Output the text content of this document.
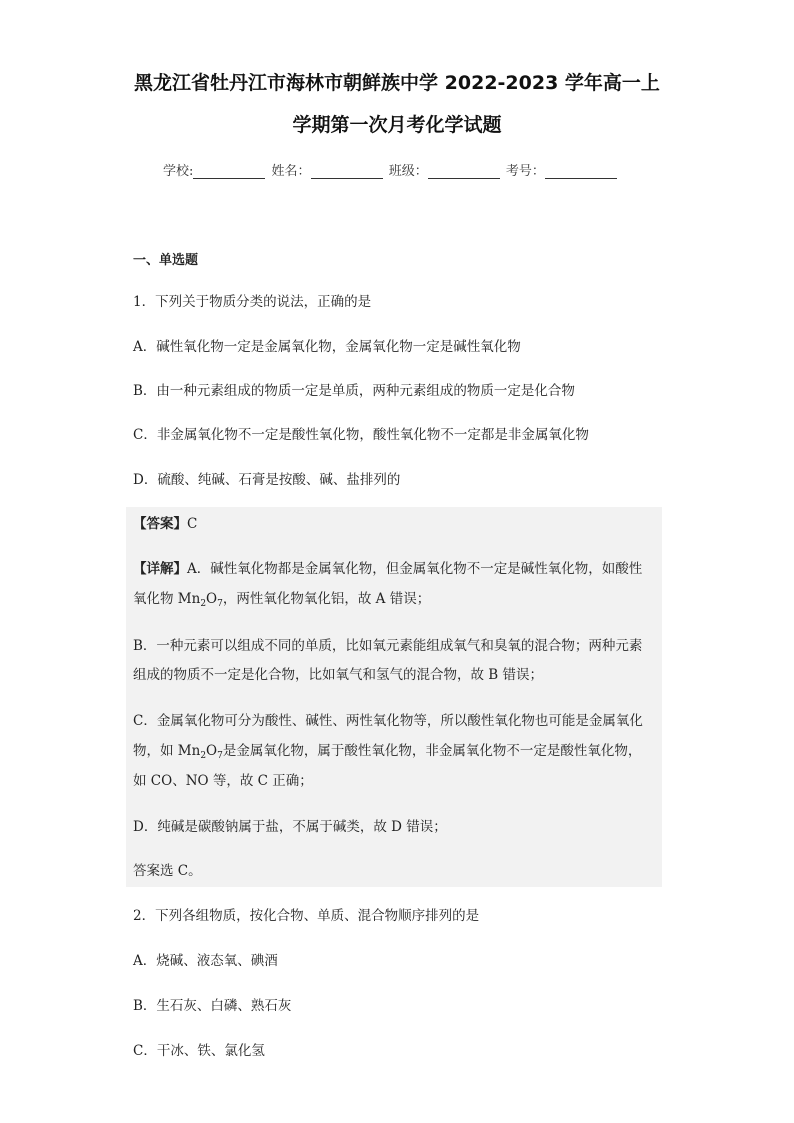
黑龙江省牡丹江市海林市朝鲜族中学 2022-2023 学年高一上
学期第一次月考化学试题
学校:	姓名：	班级：	考号：
一、单选题
1．下列关于物质分类的说法，正确的是
A．碱性氧化物一定是金属氧化物，金属氧化物一定是碱性氧化物
B．由一种元素组成的物质一定是单质，两种元素组成的物质一定是化合物
C．非金属氧化物不一定是酸性氧化物，酸性氧化物不一定都是非金属氧化物
D．硫酸、纯碱、石膏是按酸、碱、盐排列的
【答案】C
【详解】A．碱性氧化物都是金属氧化物，但金属氧化物不一定是碱性氧化物，如酸性
氧化物 $Mn_2O_7$，两性氧化物氧化铝，故 A 错误；
B．一种元素可以组成不同的单质，比如氧元素能组成氧气和臭氧的混合物；两种元素
组成的物质不一定是化合物，比如氧气和氢气的混合物，故 B 错误；
C．金属氧化物可分为酸性、碱性、两性氧化物等，所以酸性氧化物也可能是金属氧化
物，如 $Mn_2O_7$是金属氧化物，属于酸性氧化物，非金属氧化物不一定是酸性氧化物，
如 CO、NO 等，故 C 正确；
D．纯碱是碳酸钠属于盐，不属于碱类，故 D 错误；
答案选 C。
2．下列各组物质，按化合物、单质、混合物顺序排列的是
A．烧碱、液态氧、碘酒
B．生石灰、白磷、熟石灰
C．干冰、铁、氯化氢
